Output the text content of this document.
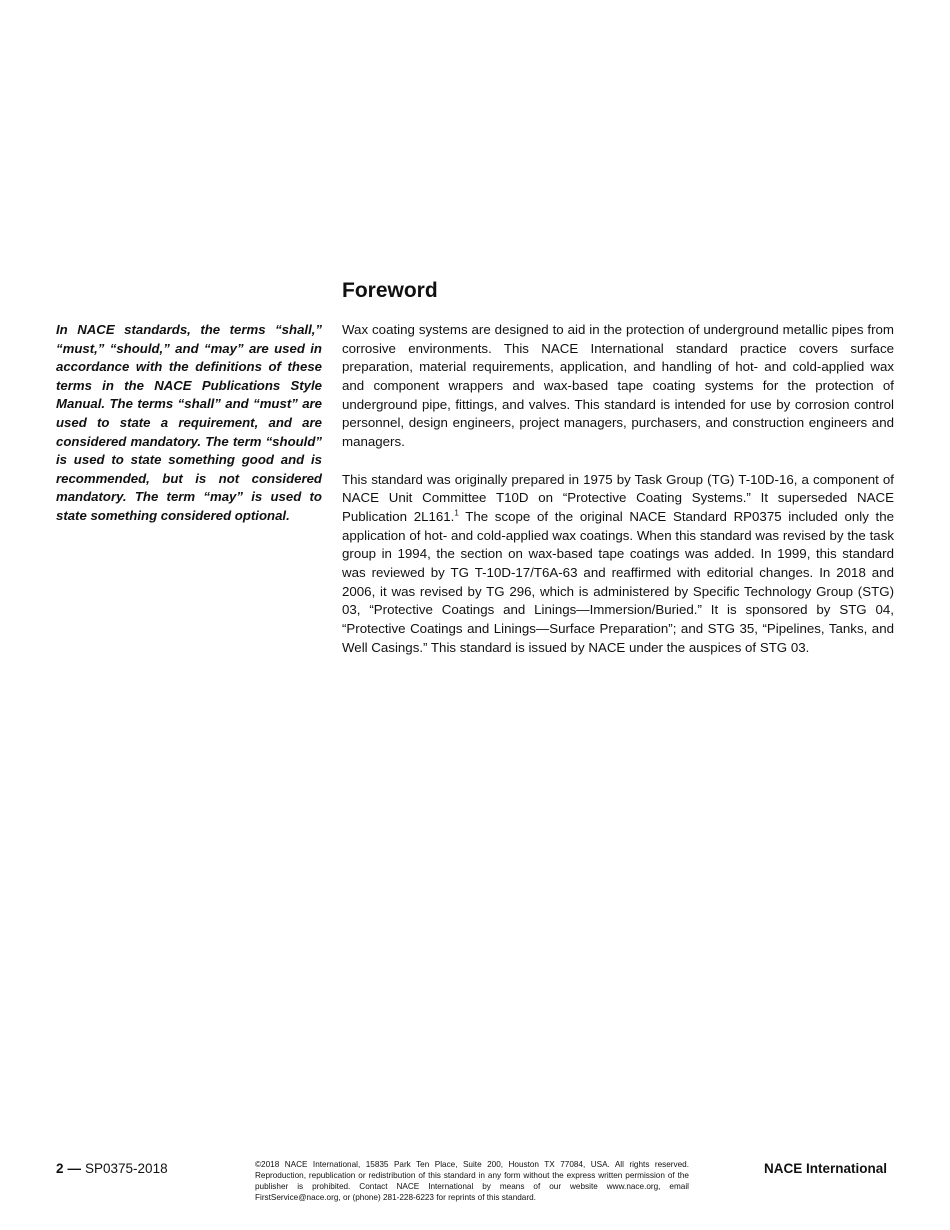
Foreword

In NACE standards, the terms “shall,” “must,” “should,” and “may” are used in accordance with the definitions of these terms in the NACE Publications Style Manual. The terms “shall” and “must” are used to state a requirement, and are considered mandatory. The term “should” is used to state something good and is recommended, but is not considered mandatory. The term “may” is used to state something considered optional.

Wax coating systems are designed to aid in the protection of underground metallic pipes from corrosive environments. This NACE International standard practice covers surface preparation, material requirements, application, and handling of hot- and cold-applied wax and component wrappers and wax-based tape coating systems for the protection of underground pipe, fittings, and valves. This standard is intended for use by corrosion control personnel, design engineers, project managers, purchasers, and construction engineers and managers.

This standard was originally prepared in 1975 by Task Group (TG) T-10D-16, a component of NACE Unit Committee T10D on “Protective Coating Systems.” It superseded NACE Publication 2L161.$^1$ The scope of the original NACE Standard RP0375 included only the application of hot- and cold-applied wax coatings. When this standard was revised by the task group in 1994, the section on wax-based tape coatings was added. In 1999, this standard was reviewed by TG T-10D-17/T6A-63 and reaffirmed with editorial changes. In 2018 and 2006, it was revised by TG 296, which is administered by Specific Technology Group (STG) 03, “Protective Coatings and Linings—Immersion/Buried.” It is sponsored by STG 04, “Protective Coatings and Linings—Surface Preparation”; and STG 35, “Pipelines, Tanks, and Well Casings.” This standard is issued by NACE under the auspices of STG 03.

2 — SP0375-2018	©2018 NACE International, 15835 Park Ten Place, Suite 200, Houston TX 77084, USA. All rights reserved. Reproduction, republication or redistribution of this standard in any form without the express written permission of the publisher is prohibited. Contact NACE International by means of our website www.nace.org, email FirstService@nace.org, or (phone) 281-228-6223 for reprints of this standard.

NACE International
